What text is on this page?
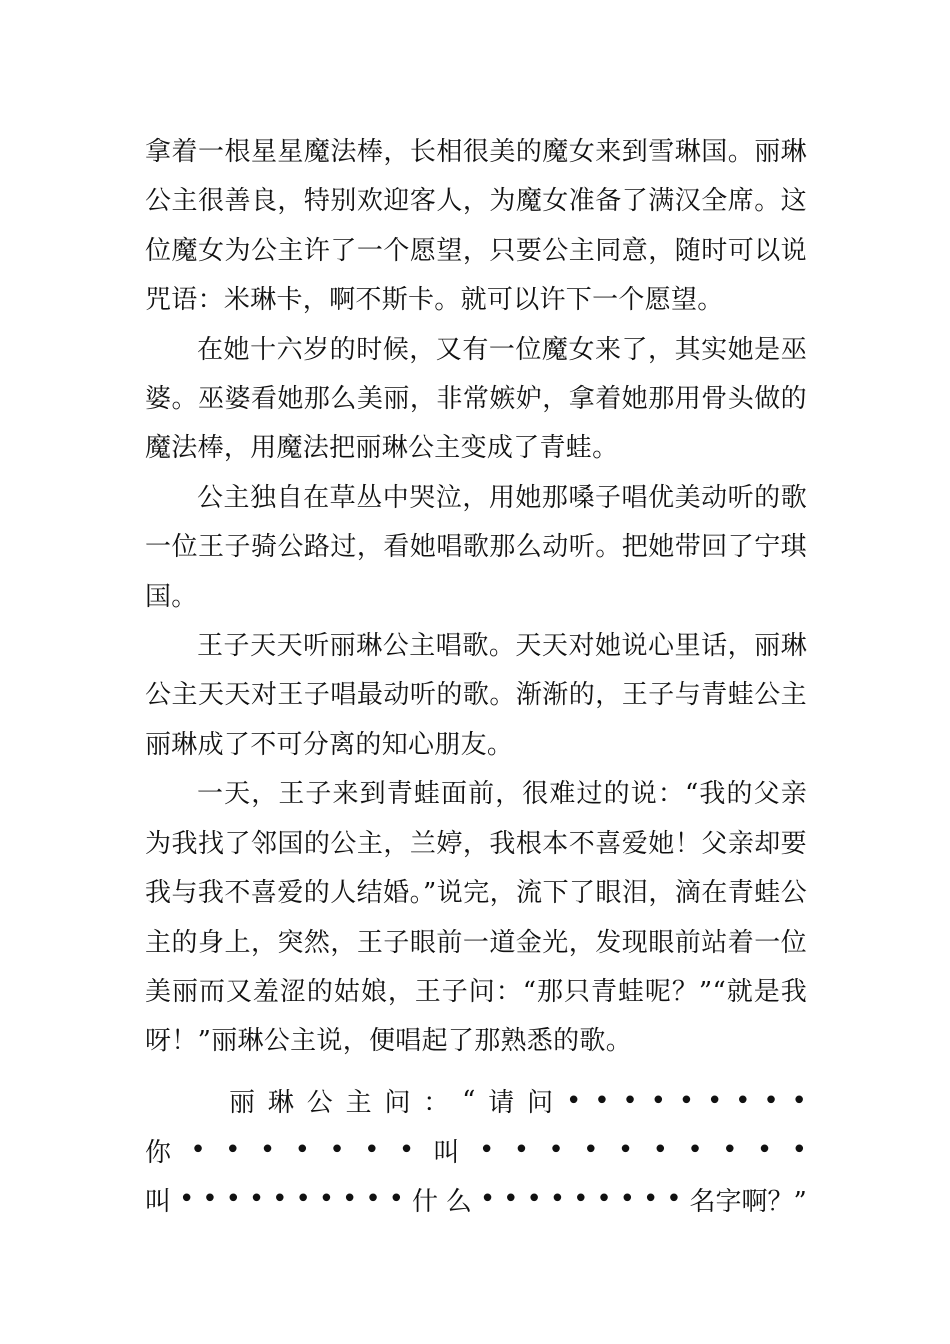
拿着一根星星魔法棒，长相很美的魔女来到雪琳国。丽琳公主很善良，特别欢迎客人，为魔女准备了满汉全席。这位魔女为公主许了一个愿望，只要公主同意，随时可以说咒语：米琳卡，啊不斯卡。就可以许下一个愿望。

在她十六岁的时候，又有一位魔女来了，其实她是巫婆。巫婆看她那么美丽，非常嫉妒，拿着她那用骨头做的魔法棒，用魔法把丽琳公主变成了青蛙。

公主独自在草丛中哭泣，用她那嗓子唱优美动听的歌一位王子骑公路过，看她唱歌那么动听。把她带回了宁琪国。

王子天天听丽琳公主唱歌。天天对她说心里话，丽琳公主天天对王子唱最动听的歌。渐渐的，王子与青蛙公主丽琳成了不可分离的知心朋友。

一天，王子来到青蛙面前，很难过的说：“我的父亲为我找了邻国的公主，兰婷，我根本不喜爱她！父亲却要我与我不喜爱的人结婚。”说完，流下了眼泪，滴在青蛙公主的身上，突然，王子眼前一道金光，发现眼前站着一位美丽而又羞涩的姑娘，王子问：“那只青蛙呢？”“就是我呀！”丽琳公主说，便唱起了那熟悉的歌。

丽 琳 公 主 问 ： “ 请 问 • • • • • • • • •
你 • • • • • • • 叫 • • • • • • • • • •
叫 • • • • • • • • • • 什 么 • • • • • • • • • 名字啊？”
